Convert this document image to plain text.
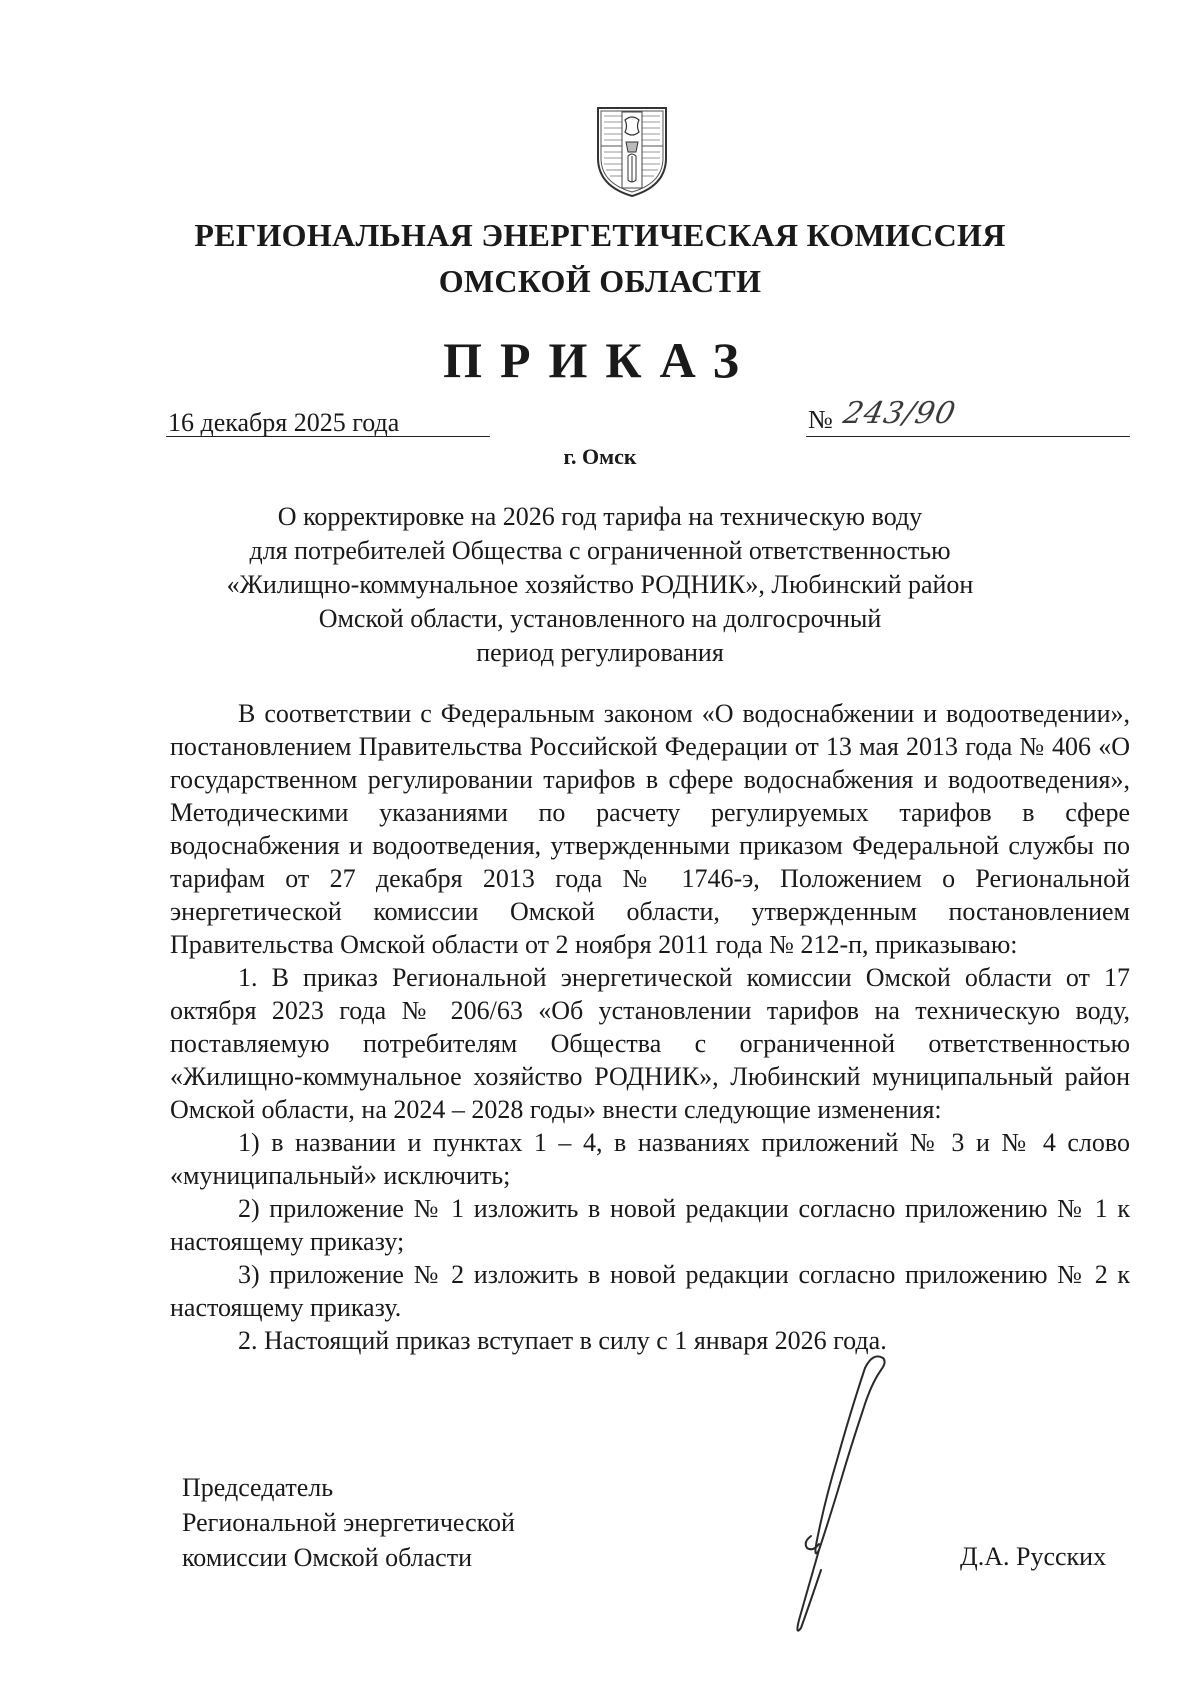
РЕГИОНАЛЬНАЯ ЭНЕРГЕТИЧЕСКАЯ КОМИССИЯ
ОМСКОЙ ОБЛАСТИ
ПРИКАЗ
16 декабря 2025 года	№ 243/90
г. Омск
О корректировке на 2026 год тарифа на техническую воду
для потребителей Общества с ограниченной ответственностью
«Жилищно-коммунальное хозяйство РОДНИК», Любинский район
Омской области, установленного на долгосрочный
период регулирования

В соответствии с Федеральным законом «О водоснабжении и водоотведении», постановлением Правительства Российской Федерации от 13 мая 2013 года № 406 «О государственном регулировании тарифов в сфере водоснабжения и водоотведения», Методическими указаниями по расчету регулируемых тарифов в сфере водоснабжения и водоотведения, утвержденными приказом Федеральной службы по тарифам от 27 декабря 2013 года № 1746-э, Положением о Региональной энергетической комиссии Омской области, утвержденным постановлением Правительства Омской области от 2 ноября 2011 года № 212-п, приказываю:

1. В приказ Региональной энергетической комиссии Омской области от 17 октября 2023 года № 206/63 «Об установлении тарифов на техническую воду, поставляемую потребителям Общества с ограниченной ответственностью «Жилищно-коммунальное хозяйство РОДНИК», Любинский муниципальный район Омской области, на 2024 – 2028 годы» внести следующие изменения:

1) в названии и пунктах 1 – 4, в названиях приложений № 3 и № 4 слово «муниципальный» исключить;

2) приложение № 1 изложить в новой редакции согласно приложению № 1 к настоящему приказу;

3) приложение № 2 изложить в новой редакции согласно приложению № 2 к настоящему приказу.

2. Настоящий приказ вступает в силу с 1 января 2026 года.

Председатель
Региональной энергетической
комиссии Омской области	Д.А. Русских
